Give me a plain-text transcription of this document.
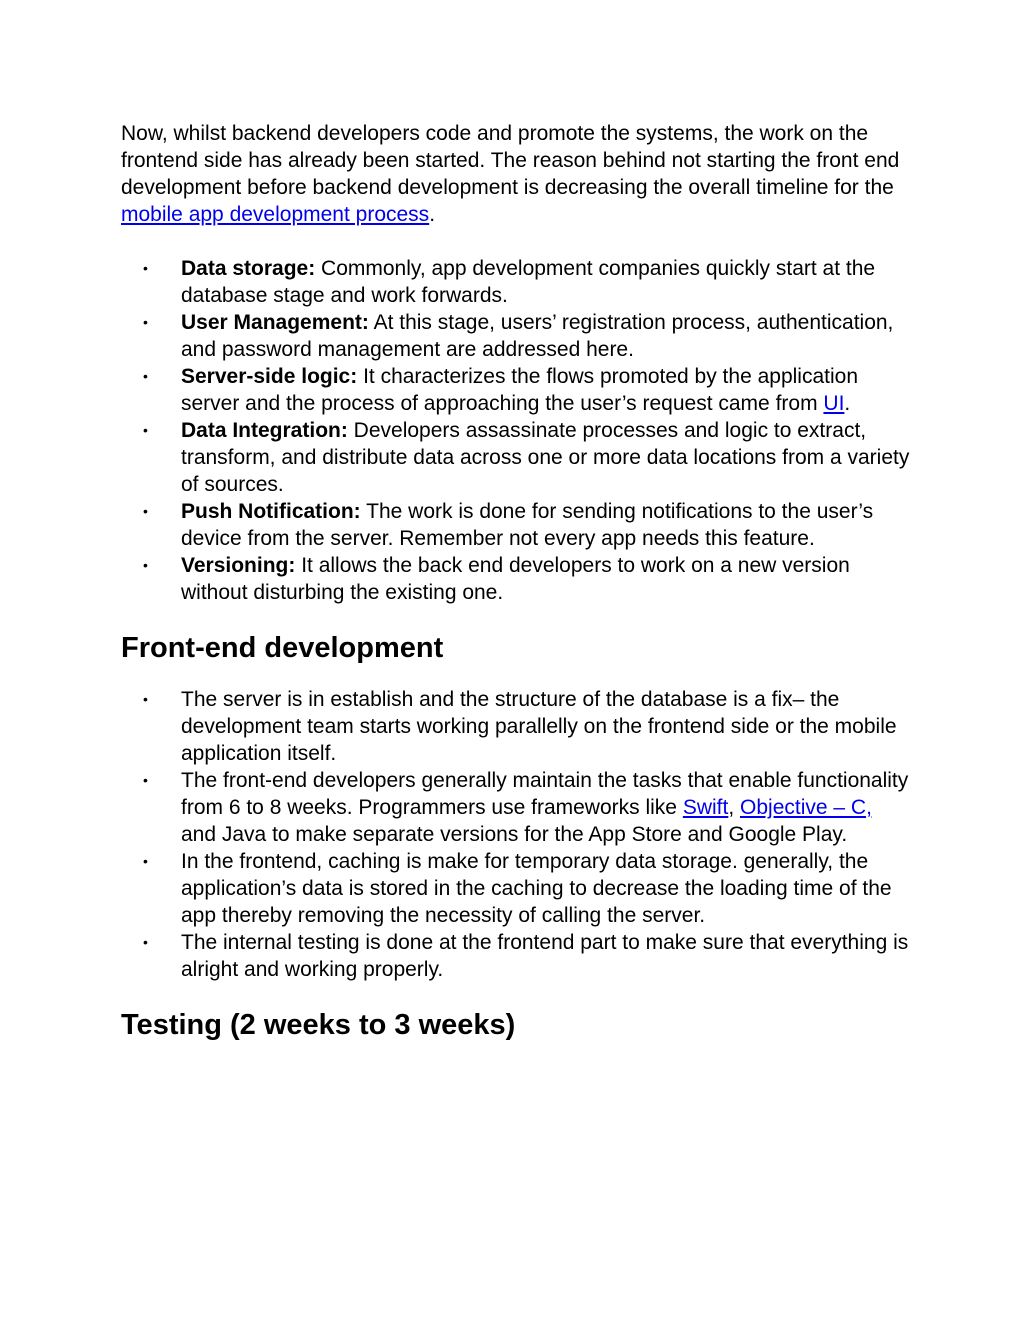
Now, whilst backend developers code and promote the systems, the work on the frontend side has already been started. The reason behind not starting the front end development before backend development is decreasing the overall timeline for the mobile app development process.

• Data storage: Commonly, app development companies quickly start at the database stage and work forwards.
• User Management: At this stage, users’ registration process, authentication, and password management are addressed here.
• Server-side logic: It characterizes the flows promoted by the application server and the process of approaching the user’s request came from UI.
• Data Integration: Developers assassinate processes and logic to extract, transform, and distribute data across one or more data locations from a variety of sources.
• Push Notification: The work is done for sending notifications to the user’s device from the server. Remember not every app needs this feature.
• Versioning: It allows the back end developers to work on a new version without disturbing the existing one.
Front-end development
• The server is in establish and the structure of the database is a fix– the development team starts working parallelly on the frontend side or the mobile application itself.
• The front-end developers generally maintain the tasks that enable functionality from 6 to 8 weeks. Programmers use frameworks like Swift, Objective – C, and Java to make separate versions for the App Store and Google Play.
• In the frontend, caching is make for temporary data storage. generally, the application’s data is stored in the caching to decrease the loading time of the app thereby removing the necessity of calling the server.
• The internal testing is done at the frontend part to make sure that everything is alright and working properly.
Testing (2 weeks to 3 weeks)
